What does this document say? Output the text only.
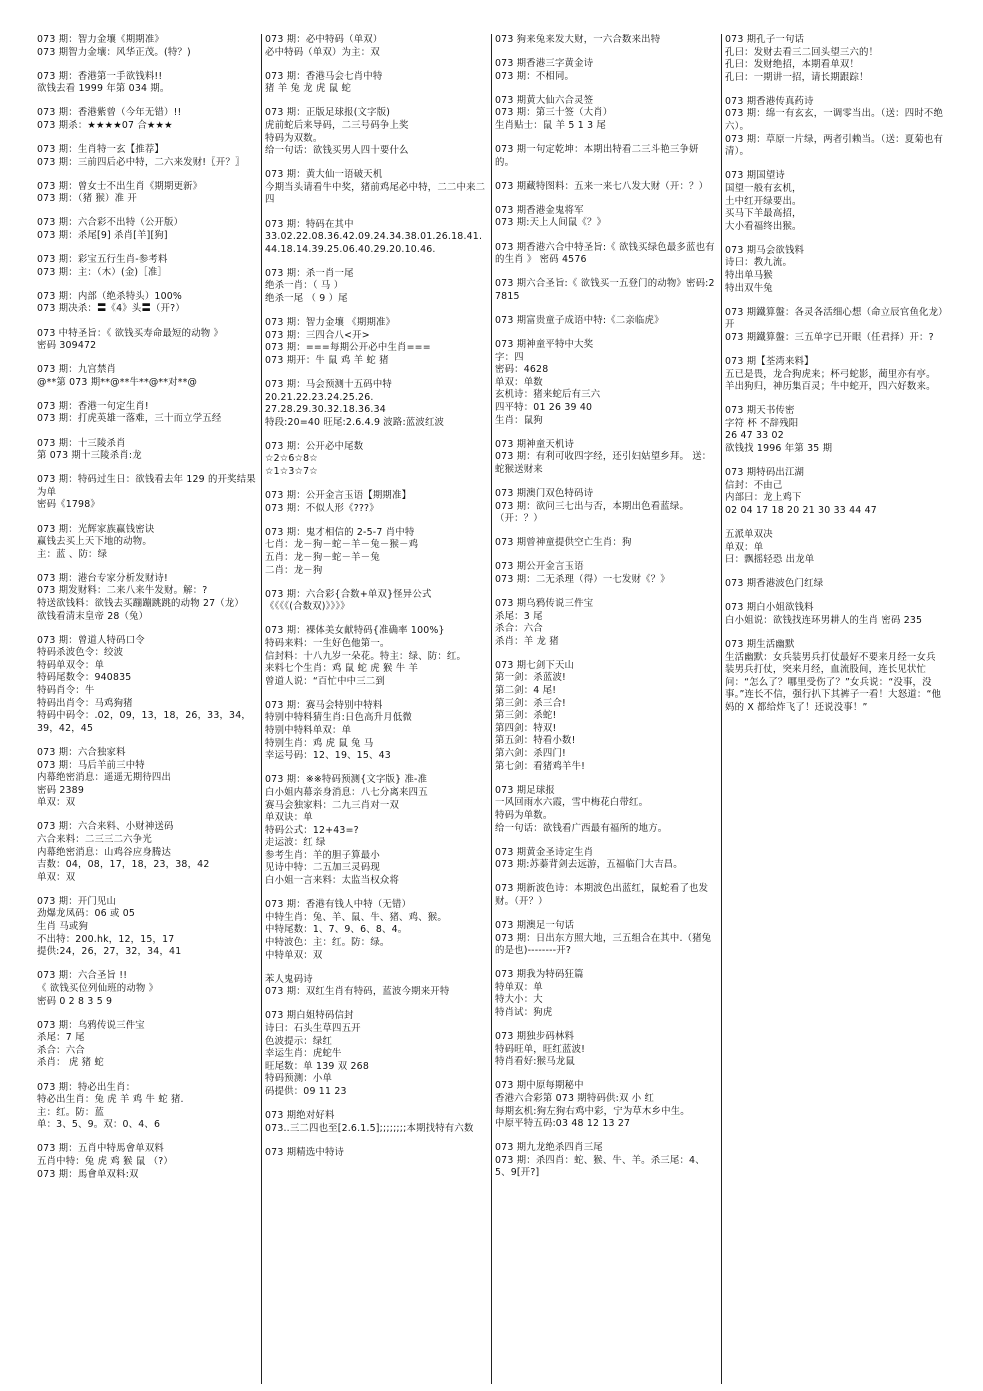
073 期：智力金壤《期期准》
073 期智力金壤：风华正茂。(特？)
073 期：香港第一手欲钱料!!
欲钱去看 1999 年第 034 期。
073 期：香港紫曾（今年无错）!!
073 期杀：★★★★07 合★★★
073 期：生肖特一玄【推荐】
073 期：三前四后必中特，二六来发财!〖开？〗
073 期：曾女士不出生肖《期期更新》
073 期：（猪 猴）准 开
073 期：六合彩不出特（公开版）
073 期：杀尾[9] 杀肖[羊][狗]
073 期：彩宝五行生肖-参考料
073 期：主：（木）(金)［准］
073 期：内部（绝杀特头）100%
073 期决杀：〓《4》头〓（开?）
073 中特圣旨：《 欲钱买寿命最短的动物 》
密码 309472
073 期：九宫禁肖
@**第 073 期**@**牛**@**对**@
073 期：香港一句定生肖!
073 期：打虎英雄一落难，三十而立学五经
073 期：十三陵杀肖
第 073 期十三陵杀肖:龙
073 期：特码过生日：欲钱看去年 129 的开奖结果为单
密码《1798》
073 期：光辉家族赢钱密诀
赢钱去买上天下地的动物。
主：蓝 、防：绿
073 期：港台专家分析发财诗!
073 期发财料：二来八来牛发财。解：?
特送欲钱料：欲钱去买蹦蹦跳跳的动物 27（龙） 欲钱看清末皇帝 28（兔）
073 期：曾道人特码口令
特码杀波色令：绞波
特码单双令：单
特码尾数令：940835
特码肖令：牛
特码出肖令：马鸡狗猪
特码中码令：.02，09，13，18，26，33，34，39，42，45
073 期：六合独家料
073 期：马后羊前三中特
内幕绝密消息：遥遥无期待四出
密码 2389
单双：双
073 期：六合来料、小财神送码
六合来料：二三三二六争光
内幕绝密消息：山鸡谷应身腾达
吉数：04，08，17，18，23，38，42
单双：双
073 期：开门见山
劲爆龙凤码：06 或 05
生肖 马或狗
不出特：200.hk，12，15，17
提供:24，26，27，32，34，41
073 期：六合圣旨 !!
《 欲钱买位列仙班的动物 》
密码 0 2 8 3 5 9
073 期：乌鸦传说三件宝
杀尾：7 尾
杀合：六合
杀肖： 虎 猪 蛇
073 期：特必出生肖：
特必出生肖：兔 虎 羊 鸡 牛 蛇 猪.
主：红。防：蓝
单：3、5、9。双：0、4、6
073 期：五肖中特馬會单双料
五肖中特：兔 虎 鸡 猴 鼠 （?）
073 期：馬會单双料:双
073 期：必中特码（单双）
必中特码（单双）为主：双
073 期：香港马会七肖中特
猪 羊 兔 龙 虎 鼠 蛇
073 期：正版足球报(文字版)
虎前蛇后来导码，二三号码争上奖
特码为双数。
给一句话：欲钱买男人四十要什么
073 期：黄大仙一语破天机
今期当头请看牛中奖，猪前鸡尾必中特，二二中来二四
073 期：特码在其中
33.02.22.08.36.42.09.24.34.38.01.26.18.41.44.18.14.39.25.06.40.29.20.10.46.
073 期：杀一肖一尾
绝杀一肖：（ 马 ）
绝杀一尾 （ 9 ）尾
073 期：智力金壤 《期期准》
073 期：三四合八<开>
073 期：===每期公开必中生肖===
073 期开：牛 鼠 鸡 羊 蛇 猪
073 期：马会预测十五码中特
20.21.22.23.24.25.26.
27.28.29.30.32.18.36.34
特段:20=40 旺尾:2.6.4.9 波路:蓝波红波
073 期：公开必中尾数
☆2☆6☆8☆
☆1☆3☆7☆
073 期：公开金言玉语【期期准】
073 期：不似人形《???》
073 期：鬼才相信的 2-5-7 肖中特
七肖：龙－狗－蛇－羊－兔－猴－鸡
五肖：龙－狗－蛇－羊－兔
二肖：龙－狗
073 期：六合彩{合数+单双}怪异公式
《《《《(合数双)》》》》
073 期：裸体美女献特码{准确率 100%}
特码来料：一生好色他第一。
信封料：十八九岁一朵花。特主：绿、防：红。
来料七个生肖：鸡 鼠 蛇 虎 猴 牛 羊
曾道人说：“百忙中中三二到
073 期：赛马会特别中特料
特别中特料猜生肖:日色高升月低微
特别中特料单双：单
特别生肖：鸡 虎 鼠 兔 马
幸运号码：12、19、15、43
073 期：※※特码预测{文字版} 准-准
白小姐内幕亲身消息：八七分离来四五
赛马会独家料：二九三肖对一双
单双诀：单
特码公式：12+43=?
走运波：红 绿
参考生肖：羊的胆子算最小
见诗中特：二五加三灵码现
白小姐一言来料：太监当权众将
073 期：香港有钱人中特（无错）
中特生肖：兔、羊、鼠、牛、猪、鸡、猴。
中特尾数：1、7、9、6、8、4。
中特波色：主：红。防：绿。
中特单双：双
苯人鬼码诗
073 期：双红生肖有特码，蓝波今期来开特
073 期白姐特码信封
诗曰：石头生草四五开
色波提示：绿红
幸运生肖：虎蛇牛
旺尾数：单 139 双 268
特码预测：小单
码提供：09 11 23
073 期绝对好料
073..三二四也至[2.6.1.5];;;;;;;;本期找特有六数
073 期精选中特诗
073 狗来兔来发大财，一六合数来出特
073 期香港三字黄金诗
073 期：不相同。
073 期黄大仙六合灵签
073 期：第三十签（大肖）
生肖贴士：鼠 羊 5 1 3 尾
073 期一句定乾坤：本期出特看二三斗艳三争妍的。
073 期藏特图料：五来一来七八发大财（开：？）
073 期香港金鬼将军
073 期:天上人间鼠《？》
073 期香港六合中特圣旨:《 欲钱买绿色最多蓝也有的生肖 》 密码 4576
073 期六合圣旨:《 欲钱买一五登门的动物》密码:27815
073 期富贵童子成语中特:《二亲临虎》
073 期神童平特中大奖
字：四
密码：4628
单双：单数
玄机诗：猪来蛇后有三六
四平特：01 26 39 40
生肖：鼠狗
073 期神童天机诗
073 期：有利可收四字经，还引妇姑望乡拜。 送：蛇猴送财来
073 期澳门双色特码诗
073 期：欲问三七出与否，本期出色看蓝绿。（开：？）
073 期曾神童提供空亡生肖：狗
073 期公开金言玉语
073 期：二无杀理（得）一七发财《？》
073 期乌鸦传说三件宝
杀尾：3 尾
杀合：六合
杀肖：羊 龙 猪
073 期七剑下天山
第一剑：杀蓝波!
第二剑：4 尾!
第三剑：杀三合!
第三剑：杀蛇!
第四剑：特双!
第五剑：特看小数!
第六剑：杀四门!
第七剑：看猪鸡羊牛!
073 期足球报
一风回雨水六霞，雪中梅花白带红。
特码为单数。
给一句话：欲钱看广西最有福所的地方。
073 期黄金圣诗定生肖
073 期:苏蓁背剑去远游，五福临门大吉昌。
073 期新波色诗：本期波色出蓝红，鼠蛇看了也发财。（开？）
073 期澳足一句话
073 期：日出东方照大地，三五组合在其中.（猪兔的是也)--------开?
073 期我为特码狂篇
特单双：单
特大小：大
特肖试：狗虎
073 期独步码林料
特码旺单，旺红蓝波!
特肖看好:猴马龙鼠
073 期中原每期秘中
香港六合彩第 073 期特码供:双 小 红
每期玄机:狗左狗右鸡中彩，宁为草木乡中生。
中原平特五码:03 48 12 13 27
073 期九龙绝杀四肖三尾
073 期：杀四肖：蛇、猴、牛、羊。杀三尾：4、5、9[开?]
073 期孔子一句话
孔曰：发财去看三二回头望三六的！
孔曰：发财绝招，本期看单双！
孔曰：一期讲一招，请长期跟踪！
073 期香港传真药诗
073 期：绵一有玄玄，一调零当出。（送：四时不绝六）。
073 期：草原一片绿，两者引赖当。（送：夏菊也有清）。
073 期国望诗
国望一般有玄机，
土中红开绿要出。
买马下羊最高招，
大小看福终出猴。
073 期马会欲钱料
诗曰：教九流。
特出单马猴
特出双牛兔
073 期鐵算盤：各灵各活细心想（命立辰官鱼化龙）开
073 期鐵算盤：三五单字已开眼（任君择）开：?
073 期【荃湾来料】
五已是畏，龙合狗虎来；杯弓蛇影，蔺里亦有亭。
羊出狗归，神历集百灵；牛中蛇开，四六好数来。
073 期天书传密
字符 杯 不辞残阳
26 47 33 02
欲钱找 1996 年第 35 期
073 期特码出江湖
信封：不由己
内部曰：龙上鸡下
02 04 17 18 20 21 30 33 44 47
五派单双决
单双：单
曰：飘摇轻恐 出龙单
073 期香港波色门红绿
073 期白小姐欲钱料
白小姐说：欲钱找连环男耕人的生肖 密码 235
073 期生活幽默
生活幽默：女兵装男兵打仗最好不要来月经一女兵装男兵打仗，突来月经，血流股间，连长见状忙问：“怎么了？哪里受伤了？”女兵说：“没事，没事。”连长不信，强行扒下其裤子一看！大怒道：“他妈的 X 都给炸飞了！还说没事！”
